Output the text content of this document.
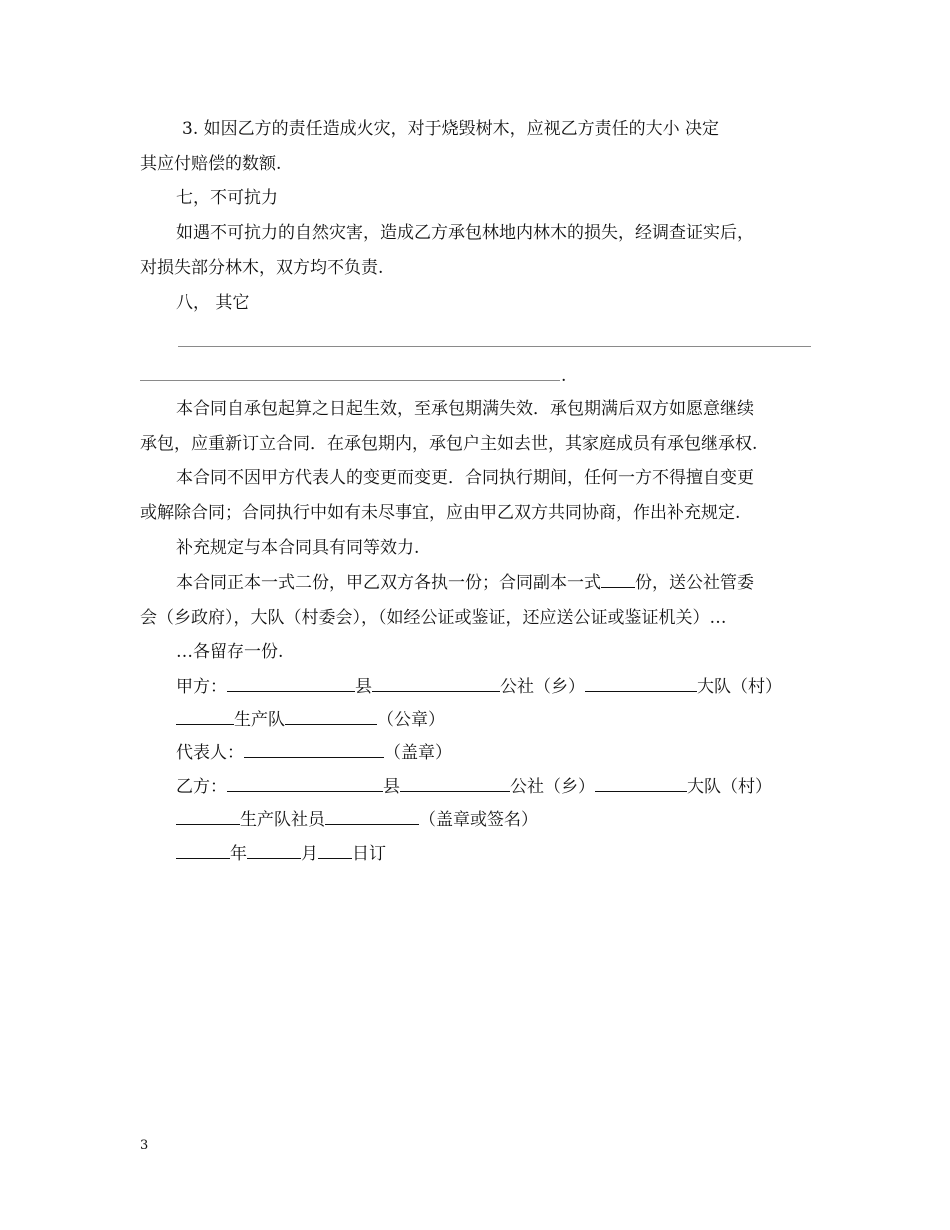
3. 如因乙方的责任造成火灾，对于烧毁树木，应视乙方责任的大小 决定
其应付赔偿的数额.
七，不可抗力
如遇不可抗力的自然灾害，造成乙方承包林地内林木的损失，经调查证实后，
对损失部分林木，双方均不负责.
八， 其它
.
本合同自承包起算之日起生效，至承包期满失效．承包期满后双方如愿意继续
承包，应重新订立合同．在承包期内，承包户主如去世，其家庭成员有承包继承权.
本合同不因甲方代表人的变更而变更．合同执行期间，任何一方不得擅自变更
或解除合同；合同执行中如有未尽事宜，应由甲乙双方共同协商，作出补充规定.
补充规定与本合同具有同等效力.
本合同正本一式二份，甲乙双方各执一份；合同副本一式 份，送公社管委
会（乡政府），大队（村委会），（如经公证或鉴证，还应送公证或鉴证机关）…
…各留存一份.
甲方：	县	公社（乡）	大队（村）
生产队	（公章）
代表人：	（盖章）
乙方：	县	公社（乡）	大队（村）
生产队社员	（盖章或签名）
年	月 日订
3
